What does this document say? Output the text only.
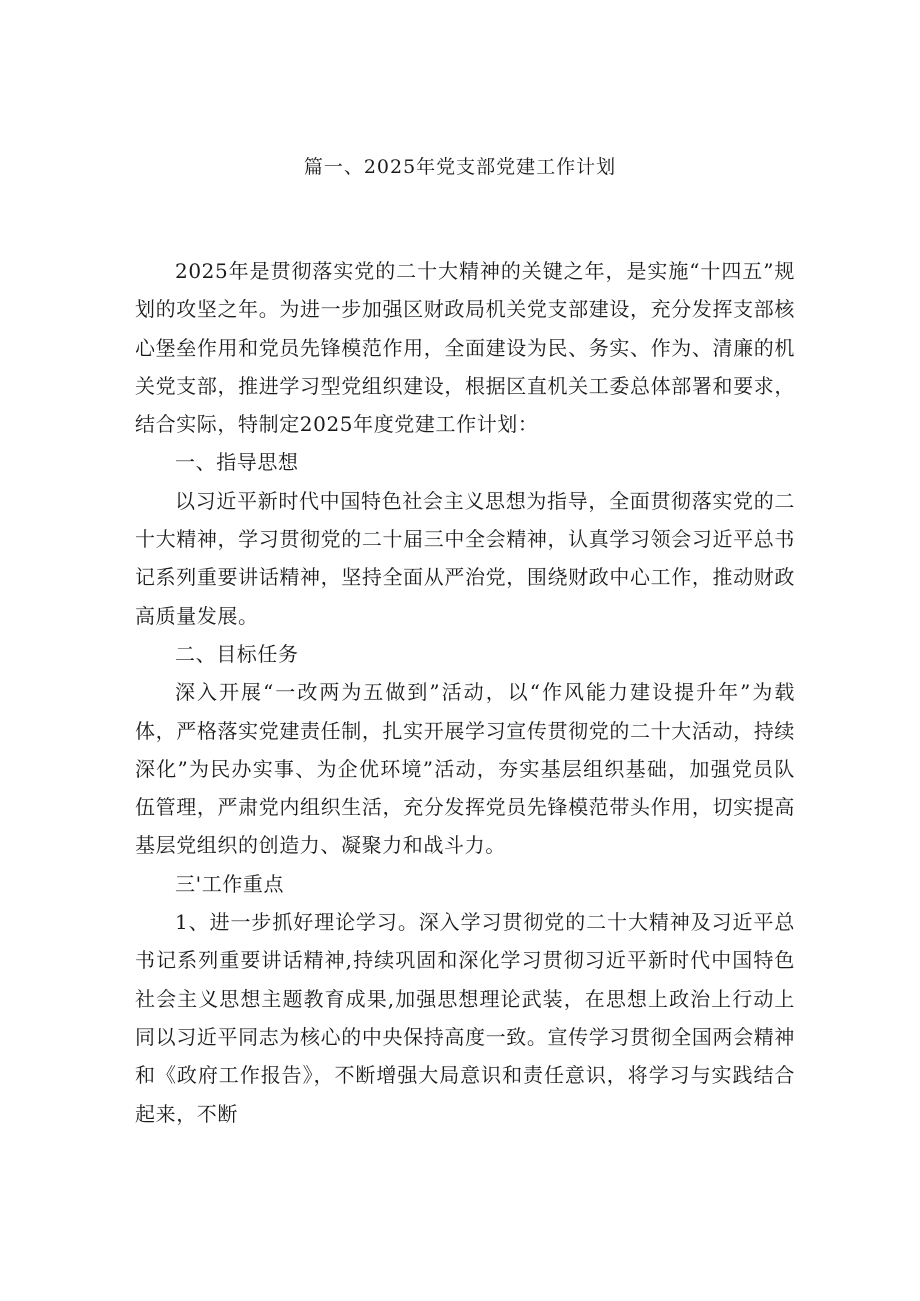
篇一、2025年党支部党建工作计划

2025年是贯彻落实党的二十大精神的关键之年，是实施“十四五”规划的攻坚之年。为进一步加强区财政局机关党支部建设，充分发挥支部核心堡垒作用和党员先锋模范作用，全面建设为民、务实、作为、清廉的机关党支部，推进学习型党组织建设，根据区直机关工委总体部署和要求，结合实际，特制定2025年度党建工作计划：

一、指导思想

以习近平新时代中国特色社会主义思想为指导，全面贯彻落实党的二十大精神，学习贯彻党的二十届三中全会精神，认真学习领会习近平总书记系列重要讲话精神，坚持全面从严治党，围绕财政中心工作，推动财政高质量发展。

二、目标任务

深入开展“一改两为五做到”活动，以“作风能力建设提升年”为载体，严格落实党建责任制，扎实开展学习宣传贯彻党的二十大活动，持续深化”为民办实事、为企优环境”活动，夯实基层组织基础，加强党员队伍管理，严肃党内组织生活，充分发挥党员先锋模范带头作用，切实提高基层党组织的创造力、凝聚力和战斗力。

三'工作重点

1、进一步抓好理论学习。深入学习贯彻党的二十大精神及习近平总书记系列重要讲话精神,持续巩固和深化学习贯彻习近平新时代中国特色社会主义思想主题教育成果,加强思想理论武装，在思想上政治上行动上同以习近平同志为核心的中央保持高度一致。宣传学习贯彻全国两会精神和《政府工作报告》，不断增强大局意识和责任意识，将学习与实践结合起来，不断
